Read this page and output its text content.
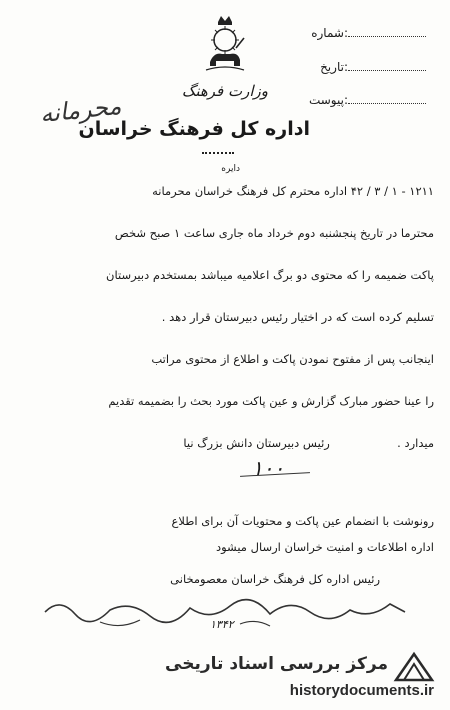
شماره :
تاریخ :
پیوست :
وزارت فرهنگ
محرمانه
اداره کل فرهنگ خراسان
دایره
۱۲۱۱ - ۱ / ۳ / ۴۲ اداره محترم کل فرهنگ خراسان محرمانه
محترما در تاریخ پنجشنبه دوم خرداد ماه جاری ساعت ۱ صبح شخص
پاکت ضمیمه را که محتوی دو برگ اعلامیه میباشد بمستخدم دبیرستان
تسلیم کرده است که در اختیار رئیس دبیرستان قرار دهد .
اینجانب پس از مفتوح نمودن پاکت و اطلاع از محتوی مراتب
را عینا حضور مبارک گزارش و عین پاکت مورد بحث را بضمیمه تقدیم
میدارد .  رئیس دبیرستان دانش بزرگ نیا
۱۰۰
رونوشت با انضمام عین پاکت و محتویات آن برای اطلاع
اداره اطلاعات و امنیت خراسان ارسال میشود
رئیس اداره کل فرهنگ خراسان معصومخانی
۱۳۴۲
مرکز بررسی اسناد تاریخی
historydocuments.ir
